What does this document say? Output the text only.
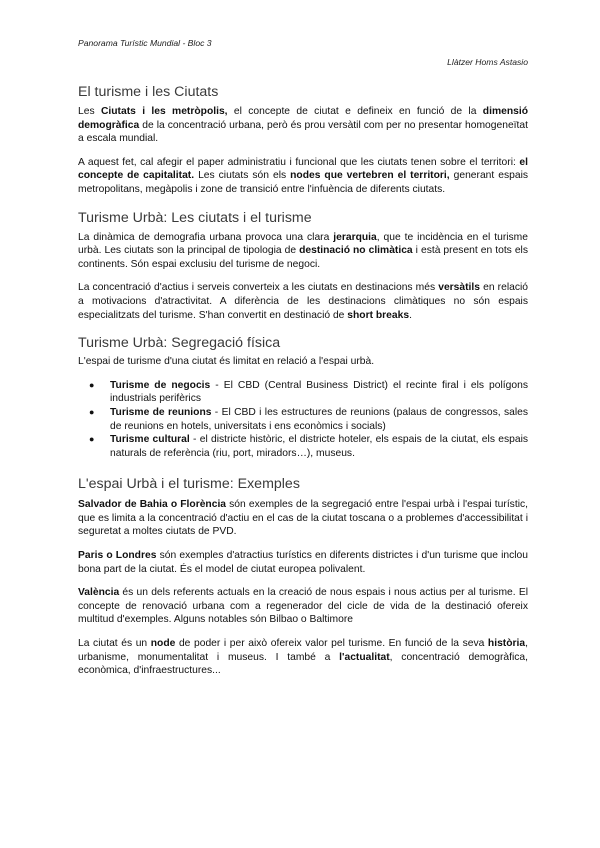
Panorama Turístic Mundial - Bloc 3
Llàtzer Homs Astasio
El turisme i les Ciutats

Les Ciutats i les metròpolis, el concepte de ciutat e defineix en funció de la dimensió demogràfica de la concentració urbana, però és prou versàtil com per no presentar homogeneïtat a escala mundial.

A aquest fet, cal afegir el paper administratiu i funcional que les ciutats tenen sobre el territori: el concepte de capitalitat. Les ciutats són els nodes que vertebren el territori, generant espais metropolitans, megàpolis i zone de transició entre l'infuència de diferents ciutats.

Turisme Urbà: Les ciutats i el turisme

La dinàmica de demografia urbana provoca una clara jerarquia, que te incidència en el turisme urbà. Les ciutats son la principal de tipologia de destinació no climàtica i està present en tots els continents. Són espai exclusiu del turisme de negoci.

La concentració d'actius i serveis converteix a les ciutats en destinacions més versàtils en relació a motivacions d'atractivitat. A diferència de les destinacions climàtiques no són espais especialitzats del turisme. S'han convertit en destinació de short breaks.

Turisme Urbà: Segregació física

L'espai de turisme d'una ciutat és limitat en relació a l'espai urbà.

● Turisme de negocis - El CBD (Central Business District) el recinte firal i els polígons industrials perifèrics
● Turisme de reunions - El CBD i les estructures de reunions (palaus de congressos, sales de reunions en hotels, universitats i ens econòmics i socials)
● Turisme cultural - el districte històric, el districte hoteler, els espais de la ciutat, els espais naturals de referència (riu, port, miradors…), museus.
L'espai Urbà i el turisme: Exemples

Salvador de Bahia o Florència són exemples de la segregació entre l'espai urbà i l'espai turístic, que es limita a la concentració d'actiu en el cas de la ciutat toscana o a problemes d'accessibilitat i seguretat a moltes ciutats de PVD.

Paris o Londres són exemples d'atractius turístics en diferents districtes i d'un turisme que inclou bona part de la ciutat. És el model de ciutat europea polivalent.

València és un dels referents actuals en la creació de nous espais i nous actius per al turisme. El concepte de renovació urbana com a regenerador del cicle de vida de la destinació ofereix multitud d'exemples. Alguns notables són Bilbao o Baltimore

La ciutat és un node de poder i per això ofereix valor pel turisme. En funció de la seva història, urbanisme, monumentalitat i museus. I també a l'actualitat, concentració demogràfica, econòmica, d'infraestructures...
